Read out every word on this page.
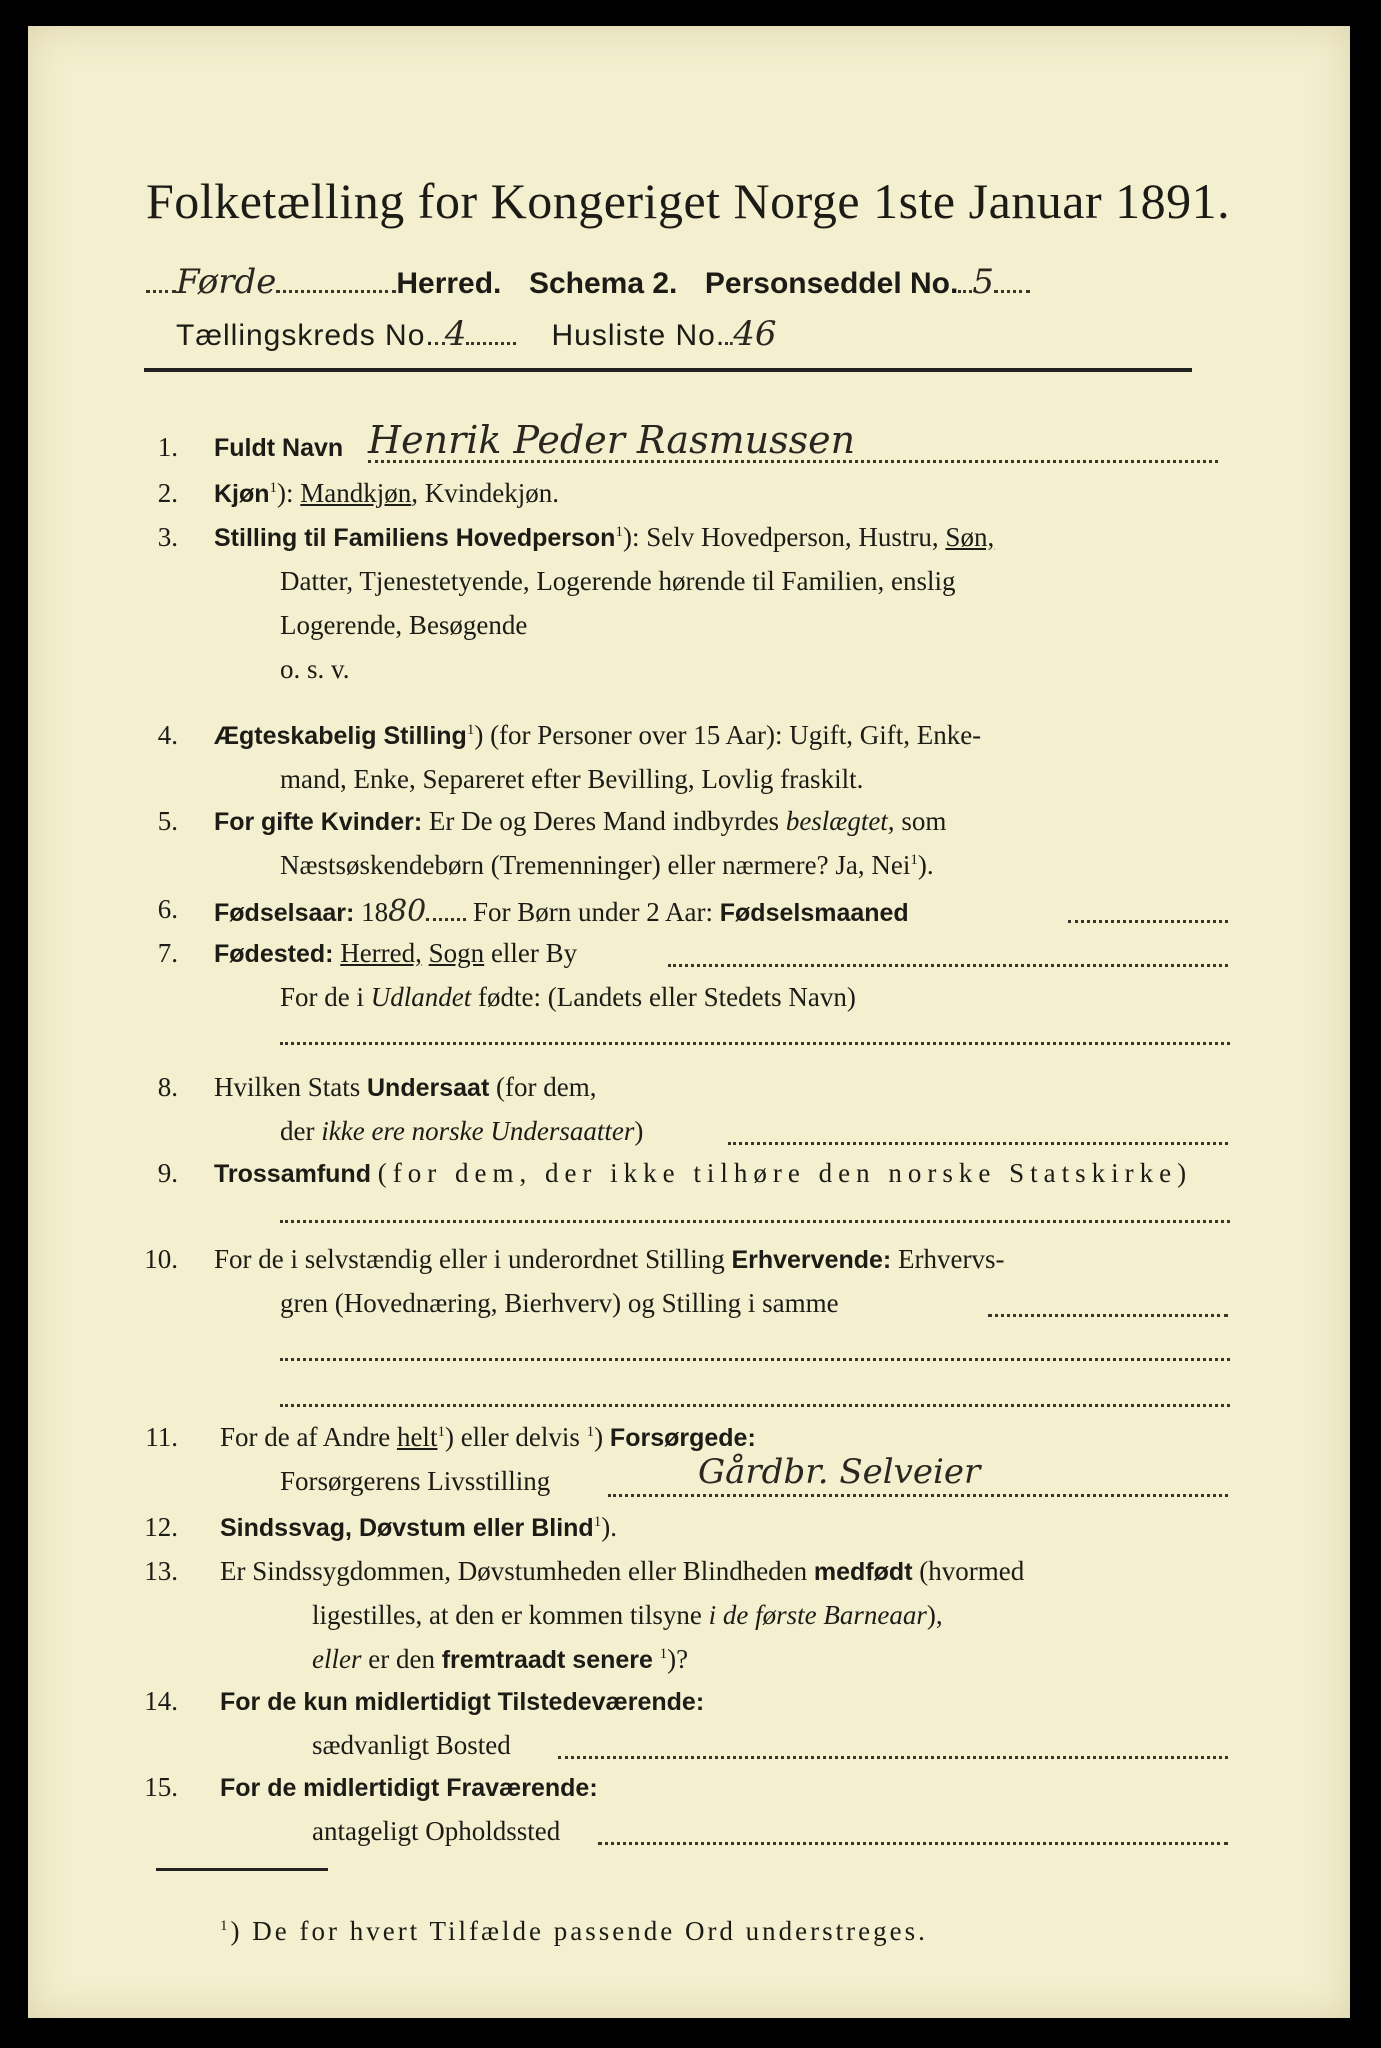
Folketælling for Kongeriget Norge 1ste Januar 1891.
Førde	Herred. Schema 2. Personseddel No. 5
Tællingskreds No. 4	Husliste No. 46
1. Fuldt Navn Henrik Peder Rasmussen
2. Kjøn$^1$): Mandkjøn, Kvindekjøn.
3. Stilling til Familiens Hovedperson$^1$): Selv Hovedperson, Hustru, Søn,
Datter, Tjenestetyende, Logerende hørende til Familien, enslig
Logerende, Besøgende
o. s. v.
4. Ægteskabelig Stilling$^1$) (for Personer over 15 Aar): Ugift, Gift, Enke-
mand, Enke, Separeret efter Bevilling, Lovlig fraskilt.
5. For gifte Kvinder: Er De og Deres Mand indbyrdes beslægtet, som
Næstsøskendebørn (Tremenninger) eller nærmere? Ja, Nei$^1$).
6. Fødselsaar: 1880 For Børn under 2 Aar: Fødselsmaaned
7. Fødested: Herred, Sogn eller By
For de i Udlandet fødte: (Landets eller Stedets Navn)
8. Hvilken Stats Undersaat (for dem,
der ikke ere norske Undersaatter)
9. Trossamfund (for dem, der ikke tilhøre den norske Statskirke)
10. For de i selvstændig eller i underordnet Stilling Erhvervende: Erhvervs-
gren (Hovednæring, Bierhverv) og Stilling i samme
11. For de af Andre helt$^1$) eller delvis $^1$) Forsørgede:
Forsørgerens Livsstilling	Gårdbr. Selveier
12. Sindssvag, Døvstum eller Blind$^1$).
13. Er Sindssygdommen, Døvstumheden eller Blindheden medfødt (hvormed
ligestilles, at den er kommen tilsyne i de første Barneaar),
eller er den fremtraadt senere $^1$)?
14. For de kun midlertidigt Tilstedeværende:
sædvanligt Bosted
15. For de midlertidigt Fraværende:
antageligt Opholdssted
$^1$) De for hvert Tilfælde passende Ord understreges.
